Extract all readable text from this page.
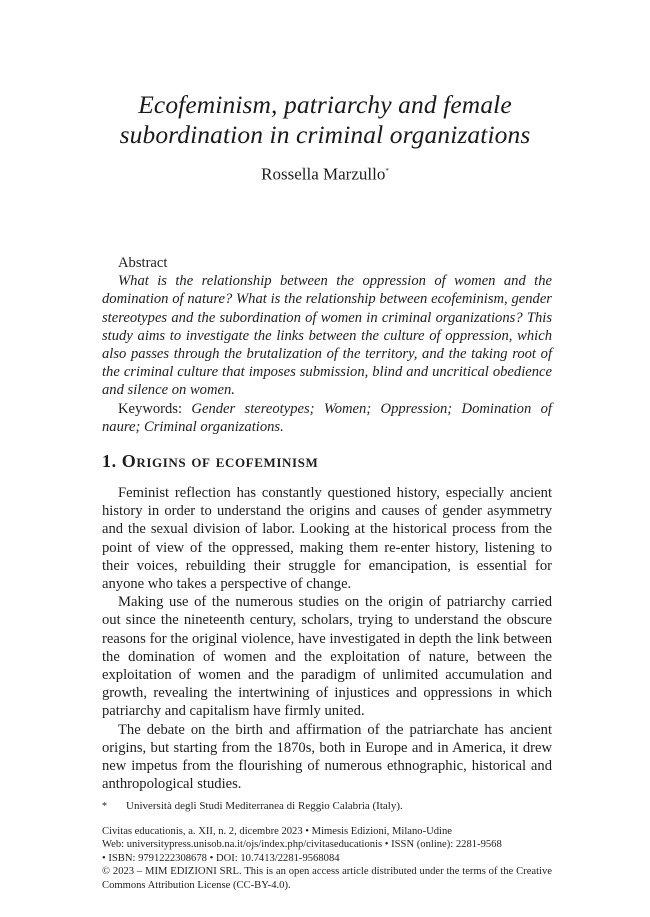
Ecofeminism, patriarchy and female

subordination in criminal organizations

Rossella Marzullo*

Abstract

What is the relationship between the oppression of women and the domination of nature? What is the relationship between ecofeminism, gender stereotypes and the subordination of women in criminal organizations? This study aims to investigate the links between the culture of oppression, which also passes through the brutalization of the territory, and the taking root of the criminal culture that imposes submission, blind and uncritical obedience and silence on women.

Keywords: Gender stereotypes; Women; Oppression; Domination of naure; Criminal organizations.

1. Origins of ecofeminism

Feminist reflection has constantly questioned history, especially ancient history in order to understand the origins and causes of gender asymmetry and the sexual division of labor. Looking at the historical process from the point of view of the oppressed, making them re-enter history, listening to their voices, rebuilding their struggle for emancipation, is essential for anyone who takes a perspective of change.

Making use of the numerous studies on the origin of patriarchy carried out since the nineteenth century, scholars, trying to understand the obscure reasons for the original violence, have investigated in depth the link between the domination of women and the exploitation of nature, between the exploitation of women and the paradigm of unlimited accumulation and growth, revealing the intertwining of injustices and oppressions in which patriarchy and capitalism have firmly united.

The debate on the birth and affirmation of the patriarchate has ancient origins, but starting from the 1870s, both in Europe and in America, it drew new impetus from the flourishing of numerous ethnographic, historical and anthropological studies.

* Università degli Studi Mediterranea di Reggio Calabria (Italy).

Civitas educationis, a. XII, n. 2, dicembre 2023 • Mimesis Edizioni, Milano-Udine

Web: universitypress.unisob.na.it/ojs/index.php/civitaseducationis • ISSN (online): 2281-9568

• ISBN: 9791222308678 • DOI: 10.7413/2281-9568084

© 2023 – MIM EDIZIONI SRL. This is an open access article distributed under the terms of the Creative Commons Attribution License (CC-BY-4.0).
